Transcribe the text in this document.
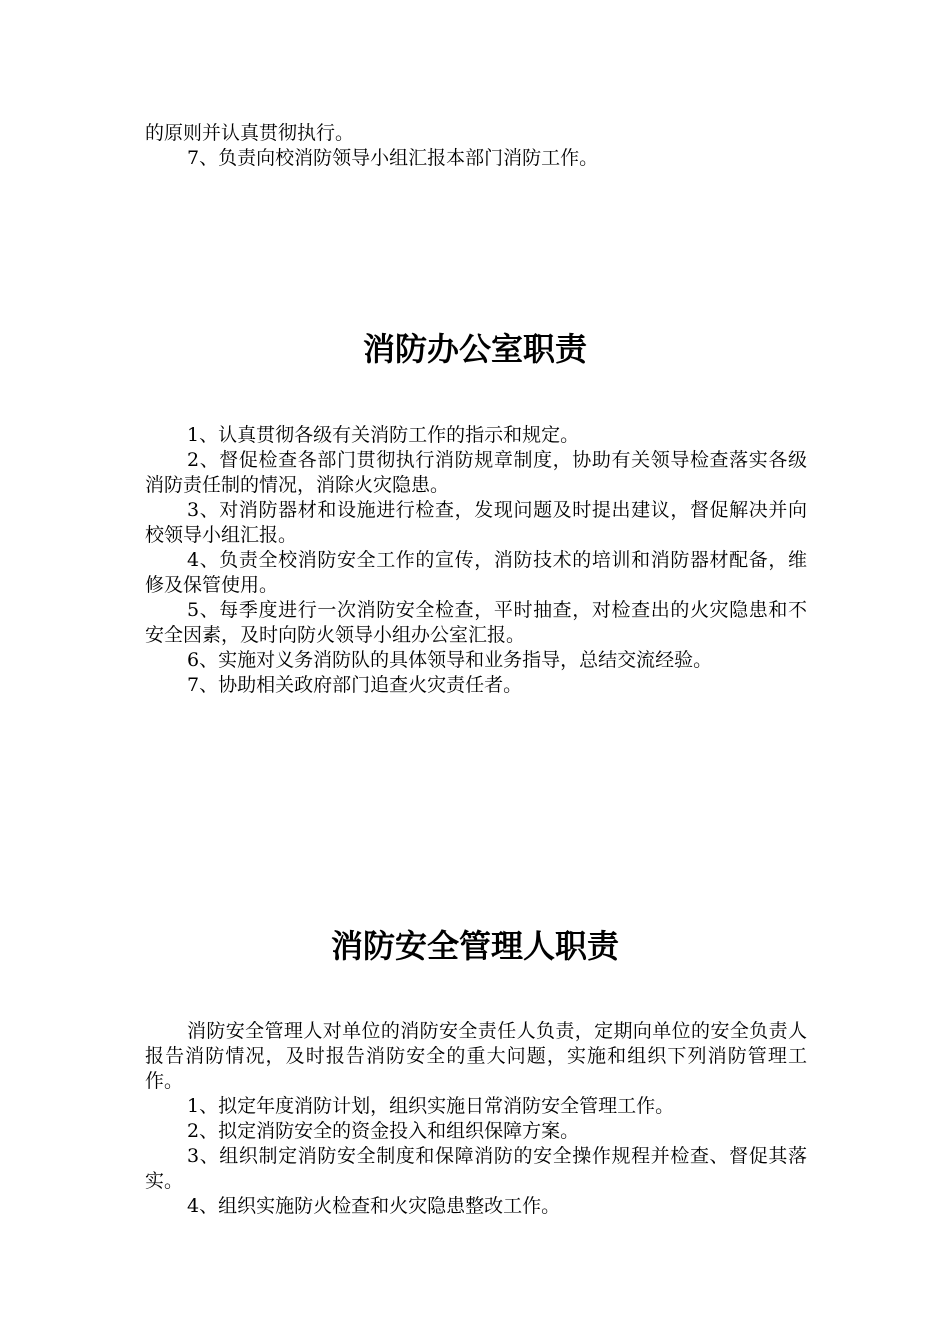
的原则并认真贯彻执行。

7、负责向校消防领导小组汇报本部门消防工作。

消防办公室职责

1、认真贯彻各级有关消防工作的指示和规定。

2、督促检查各部门贯彻执行消防规章制度，协助有关领导检查落实各级消防责任制的情况，消除火灾隐患。

3、对消防器材和设施进行检查，发现问题及时提出建议，督促解决并向校领导小组汇报。

4、负责全校消防安全工作的宣传，消防技术的培训和消防器材配备，维修及保管使用。

5、每季度进行一次消防安全检查，平时抽查，对检查出的火灾隐患和不安全因素，及时向防火领导小组办公室汇报。

6、实施对义务消防队的具体领导和业务指导，总结交流经验。

7、协助相关政府部门追查火灾责任者。

消防安全管理人职责

消防安全管理人对单位的消防安全责任人负责，定期向单位的安全负责人报告消防情况，及时报告消防安全的重大问题，实施和组织下列消防管理工作。

1、拟定年度消防计划，组织实施日常消防安全管理工作。

2、拟定消防安全的资金投入和组织保障方案。

3、组织制定消防安全制度和保障消防的安全操作规程并检查、督促其落实。

4、组织实施防火检查和火灾隐患整改工作。
